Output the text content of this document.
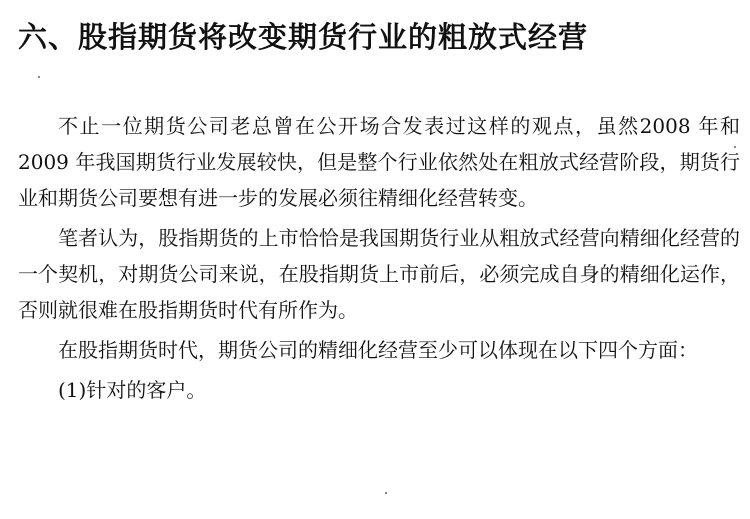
六、股指期货将改变期货行业的粗放式经营

不止一位期货公司老总曾在公开场合发表过这样的观点，虽然2008 年和 2009 年我国期货行业发展较快，但是整个行业依然处在粗放式经营阶段，期货行业和期货公司要想有进一步的发展必须往精细化经营转变。

笔者认为，股指期货的上市恰恰是我国期货行业从粗放式经营向精细化经营的一个契机，对期货公司来说，在股指期货上市前后，必须完成自身的精细化运作，否则就很难在股指期货时代有所作为。

在股指期货时代，期货公司的精细化经营至少可以体现在以下四个方面：

(1)针对的客户。
